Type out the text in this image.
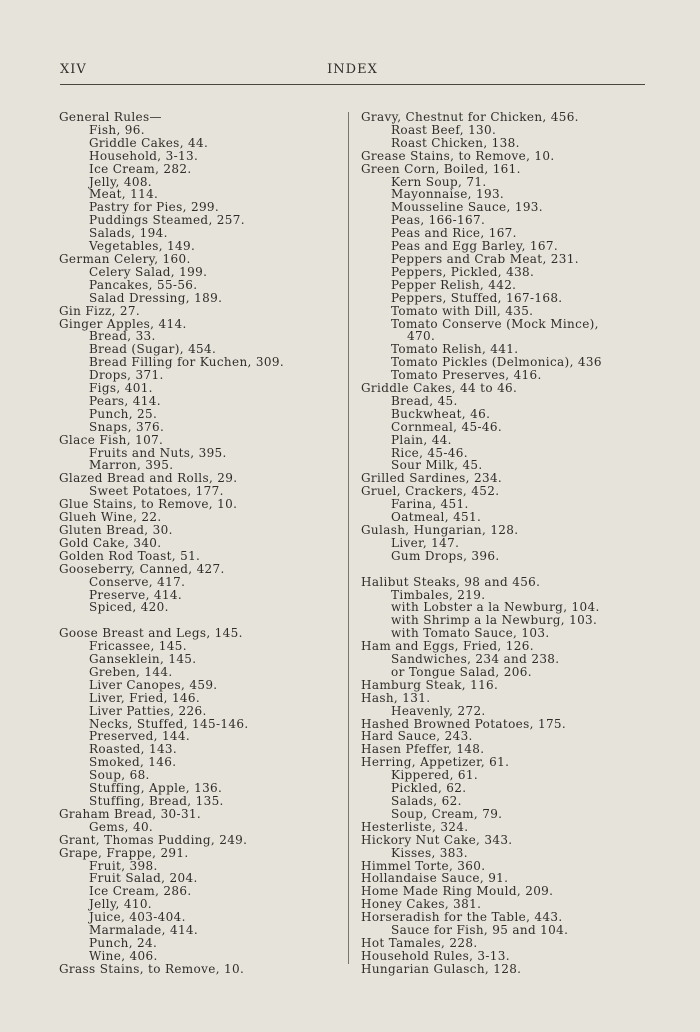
XIV	INDEX
General Rules—
Fish, 96.
Griddle Cakes, 44.
Household, 3-13.
Ice Cream, 282.
Jelly, 408.
Meat, 114.
Pastry for Pies, 299.
Puddings Steamed, 257.
Salads, 194.
Vegetables, 149.
German Celery, 160.
Celery Salad, 199.
Pancakes, 55-56.
Salad Dressing, 189.
Gin Fizz, 27.
Ginger Apples, 414.
Bread, 33.
Bread (Sugar), 454.
Bread Filling for Kuchen, 309.
Drops, 371.
Figs, 401.
Pears, 414.
Punch, 25.
Snaps, 376.
Glace Fish, 107.
Fruits and Nuts, 395.
Marron, 395.
Glazed Bread and Rolls, 29.
Sweet Potatoes, 177.
Glue Stains, to Remove, 10.
Glueh Wine, 22.
Gluten Bread, 30.
Gold Cake, 340.
Golden Rod Toast, 51.
Gooseberry, Canned, 427.
Conserve, 417.
Preserve, 414.
Spiced, 420.
Goose Breast and Legs, 145.
Fricassee, 145.
Ganseklein, 145.
Greben, 144.
Liver Canopes, 459.
Liver, Fried, 146.
Liver Patties, 226.
Necks, Stuffed, 145-146.
Preserved, 144.
Roasted, 143.
Smoked, 146.
Soup, 68.
Stuffing, Apple, 136.
Stuffing, Bread, 135.
Graham Bread, 30-31.
Gems, 40.
Grant, Thomas Pudding, 249.
Grape, Frappe, 291.
Fruit, 398.
Fruit Salad, 204.
Ice Cream, 286.
Jelly, 410.
Juice, 403-404.
Marmalade, 414.
Punch, 24.
Wine, 406.
Grass Stains, to Remove, 10.
Gravy, Chestnut for Chicken, 456.
Roast Beef, 130.
Roast Chicken, 138.
Grease Stains, to Remove, 10.
Green Corn, Boiled, 161.
Kern Soup, 71.
Mayonnaise, 193.
Mousseline Sauce, 193.
Peas, 166-167.
Peas and Rice, 167.
Peas and Egg Barley, 167.
Peppers and Crab Meat, 231.
Peppers, Pickled, 438.
Pepper Relish, 442.
Peppers, Stuffed, 167-168.
Tomato with Dill, 435.
Tomato Conserve (Mock Mince),
470.
Tomato Relish, 441.
Tomato Pickles (Delmonica), 436
Tomato Preserves, 416.
Griddle Cakes, 44 to 46.
Bread, 45.
Buckwheat, 46.
Cornmeal, 45-46.
Plain, 44.
Rice, 45-46.
Sour Milk, 45.
Grilled Sardines, 234.
Gruel, Crackers, 452.
Farina, 451.
Oatmeal, 451.
Gulash, Hungarian, 128.
Liver, 147.
Gum Drops, 396.
Halibut Steaks, 98 and 456.
Timbales, 219.
with Lobster a la Newburg, 104.
with Shrimp a la Newburg, 103.
with Tomato Sauce, 103.
Ham and Eggs, Fried, 126.
Sandwiches, 234 and 238.
or Tongue Salad, 206.
Hamburg Steak, 116.
Hash, 131.
Heavenly, 272.
Hashed Browned Potatoes, 175.
Hard Sauce, 243.
Hasen Pfeffer, 148.
Herring, Appetizer, 61.
Kippered, 61.
Pickled, 62.
Salads, 62.
Soup, Cream, 79.
Hesterliste, 324.
Hickory Nut Cake, 343.
Kisses, 383.
Himmel Torte, 360.
Hollandaise Sauce, 91.
Home Made Ring Mould, 209.
Honey Cakes, 381.
Horseradish for the Table, 443.
Sauce for Fish, 95 and 104.
Hot Tamales, 228.
Household Rules, 3-13.
Hungarian Gulasch, 128.
